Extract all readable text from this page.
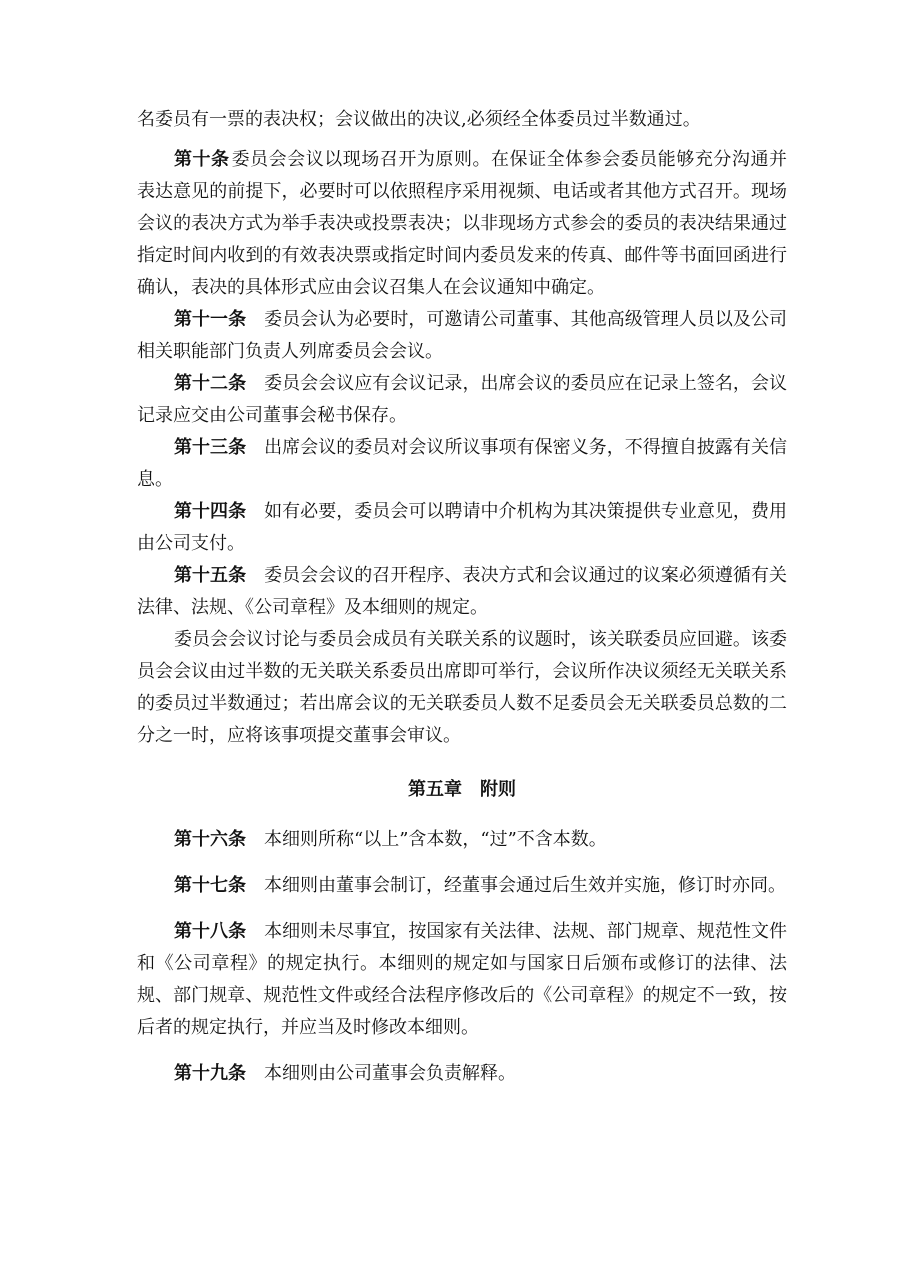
名委员有一票的表决权；会议做出的决议,必须经全体委员过半数通过。

第十条 委员会会议以现场召开为原则。在保证全体参会委员能够充分沟通并表达意见的前提下，必要时可以依照程序采用视频、电话或者其他方式召开。现场会议的表决方式为举手表决或投票表决；以非现场方式参会的委员的表决结果通过指定时间内收到的有效表决票或指定时间内委员发来的传真、邮件等书面回函进行确认，表决的具体形式应由会议召集人在会议通知中确定。

第十一条 委员会认为必要时，可邀请公司董事、其他高级管理人员以及公司相关职能部门负责人列席委员会会议。

第十二条 委员会会议应有会议记录，出席会议的委员应在记录上签名，会议记录应交由公司董事会秘书保存。

第十三条 出席会议的委员对会议所议事项有保密义务，不得擅自披露有关信息。

第十四条 如有必要，委员会可以聘请中介机构为其决策提供专业意见，费用由公司支付。

第十五条 委员会会议的召开程序、表决方式和会议通过的议案必须遵循有关法律、法规、《公司章程》及本细则的规定。

委员会会议讨论与委员会成员有关联关系的议题时，该关联委员应回避。该委员会会议由过半数的无关联关系委员出席即可举行，会议所作决议须经无关联关系的委员过半数通过；若出席会议的无关联委员人数不足委员会无关联委员总数的二分之一时，应将该事项提交董事会审议。

第五章　附则

第十六条 本细则所称“以上”含本数，“过”不含本数。

第十七条 本细则由董事会制订，经董事会通过后生效并实施，修订时亦同。

第十八条 本细则未尽事宜，按国家有关法律、法规、部门规章、规范性文件和《公司章程》的规定执行。本细则的规定如与国家日后颁布或修订的法律、法规、部门规章、规范性文件或经合法程序修改后的《公司章程》的规定不一致，按后者的规定执行，并应当及时修改本细则。

第十九条 本细则由公司董事会负责解释。
